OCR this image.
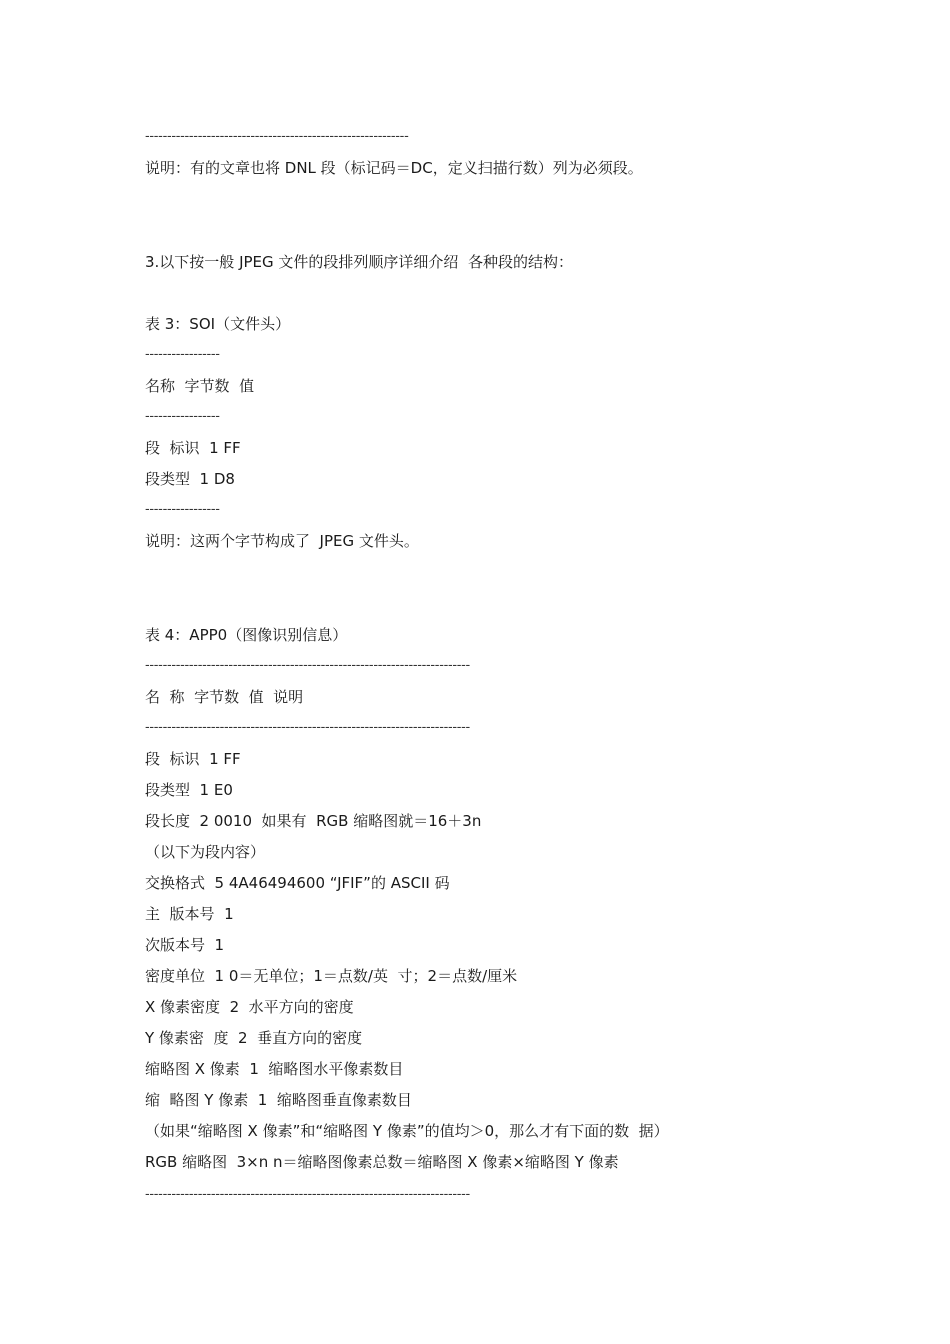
------------------------------------------------------------
说明：有的文章也将 DNL 段（标记码＝DC，定义扫描行数）列为必须段。
3.以下按一般 JPEG 文件的段排列顺序详细介绍  各种段的结构：
表 3：SOI（文件头）
-----------------
名称  字节数  值
-----------------
段  标识  1 FF
段类型  1 D8
-----------------
说明：这两个字节构成了  JPEG 文件头。
表 4：APP0（图像识别信息）
--------------------------------------------------------------------------
名  称  字节数  值  说明
--------------------------------------------------------------------------
段  标识  1 FF
段类型  1 E0
段长度  2 0010  如果有  RGB 缩略图就＝16＋3n
（以下为段内容）
交换格式  5 4A46494600 “JFIF”的 ASCII 码
主  版本号  1
次版本号  1
密度单位  1 0＝无单位；1＝点数/英  寸；2＝点数/厘米
X 像素密度  2  水平方向的密度
Y 像素密  度  2  垂直方向的密度
缩略图 X 像素  1  缩略图水平像素数目
缩  略图 Y 像素  1  缩略图垂直像素数目
（如果“缩略图 X 像素”和“缩略图 Y 像素”的值均＞0，那么才有下面的数  据）
RGB 缩略图  3×n n＝缩略图像素总数＝缩略图 X 像素×缩略图 Y 像素
--------------------------------------------------------------------------
